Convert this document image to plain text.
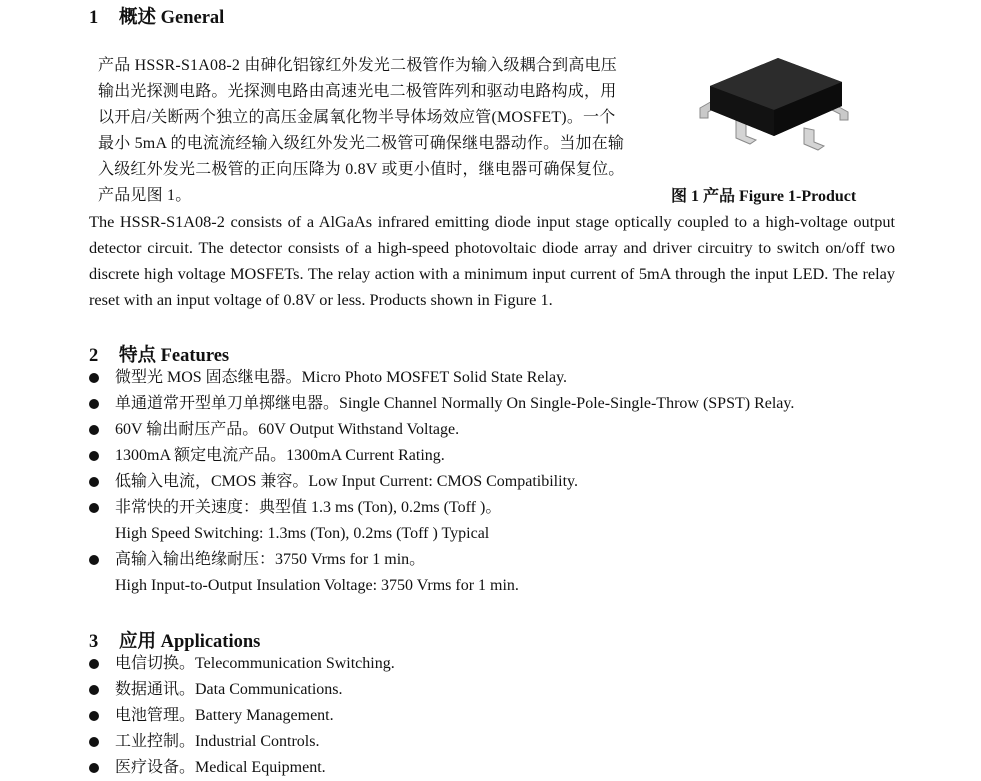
1 概述 General

产品 HSSR-S1A08-2 由砷化铝镓红外发光二极管作为输入级耦合到高电压

输出光探测电路。光探测电路由高速光电二极管阵列和驱动电路构成，用

以开启/关断两个独立的高压金属氧化物半导体场效应管(MOSFET)。一个

最小 5mA 的电流流经输入级红外发光二极管可确保继电器动作。当加在输

入级红外发光二极管的正向压降为 0.8V 或更小值时，继电器可确保复位。

产品见图 1。	图 1 产品 Figure 1-Product

The HSSR-S1A08-2 consists of a AlGaAs infrared emitting diode input stage optically coupled to a high-voltage output detector circuit. The detector consists of a high-speed photovoltaic diode array and driver circuitry to switch on/off two discrete high voltage MOSFETs. The relay action with a minimum input current of 5mA through the input LED. The relay reset with an input voltage of 0.8V or less. Products shown in Figure 1.

2 特点 Features
微型光 MOS 固态继电器。Micro Photo MOSFET Solid State Relay.
单通道常开型单刀单掷继电器。Single Channel Normally On Single-Pole-Single-Throw (SPST) Relay.
60V 输出耐压产品。60V Output Withstand Voltage.
1300mA 额定电流产品。1300mA Current Rating.
低输入电流，CMOS 兼容。Low Input Current: CMOS Compatibility.
非常快的开关速度：典型值 1.3 ms (Ton), 0.2ms (Toff )。
High Speed Switching: 1.3ms (Ton), 0.2ms (Toff ) Typical
高输入输出绝缘耐压：3750 Vrms for 1 min。
High Input-to-Output Insulation Voltage: 3750 Vrms for 1 min.
3 应用 Applications
电信切换。Telecommunication Switching.
数据通讯。Data Communications.
电池管理。Battery Management.
工业控制。Industrial Controls.
医疗设备。Medical Equipment.
